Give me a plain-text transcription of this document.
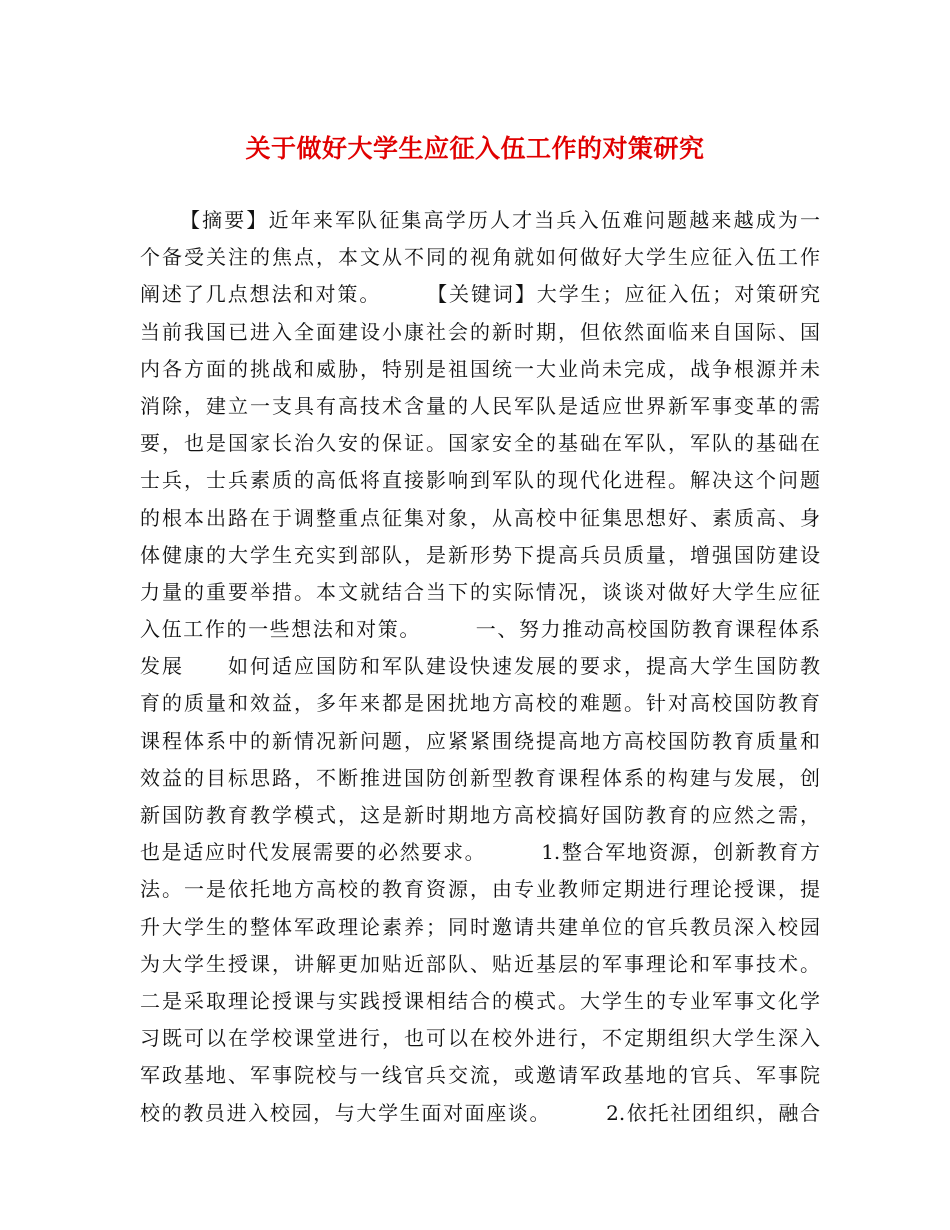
关于做好大学生应征入伍工作的对策研究
【摘要】近年来军队征集高学历人才当兵入伍难问题越来越成为一
个备受关注的焦点，本文从不同的视角就如何做好大学生应征入伍工作
阐述了几点想法和对策。　　　【关键词】大学生；应征入伍；对策研究
当前我国已进入全面建设小康社会的新时期，但依然面临来自国际、国
内各方面的挑战和威胁，特别是祖国统一大业尚未完成，战争根源并未
消除，建立一支具有高技术含量的人民军队是适应世界新军事变革的需
要，也是国家长治久安的保证。国家安全的基础在军队，军队的基础在
士兵，士兵素质的高低将直接影响到军队的现代化进程。解决这个问题
的根本出路在于调整重点征集对象，从高校中征集思想好、素质高、身
体健康的大学生充实到部队，是新形势下提高兵员质量，增强国防建设
力量的重要举措。本文就结合当下的实际情况，谈谈对做好大学生应征
入伍工作的一些想法和对策。　　　一、努力推动高校国防教育课程体系
发展　　如何适应国防和军队建设快速发展的要求，提高大学生国防教
育的质量和效益，多年来都是困扰地方高校的难题。针对高校国防教育
课程体系中的新情况新问题，应紧紧围绕提高地方高校国防教育质量和
效益的目标思路，不断推进国防创新型教育课程体系的构建与发展，创
新国防教育教学模式，这是新时期地方高校搞好国防教育的应然之需，
也是适应时代发展需要的必然要求。　　　1.整合军地资源，创新教育方
法。一是依托地方高校的教育资源，由专业教师定期进行理论授课，提
升大学生的整体军政理论素养；同时邀请共建单位的官兵教员深入校园
为大学生授课，讲解更加贴近部队、贴近基层的军事理论和军事技术。
二是采取理论授课与实践授课相结合的模式。大学生的专业军事文化学
习既可以在学校课堂进行，也可以在校外进行，不定期组织大学生深入
军政基地、军事院校与一线官兵交流，或邀请军政基地的官兵、军事院
校的教员进入校园，与大学生面对面座谈。　　　2.依托社团组织，融合
